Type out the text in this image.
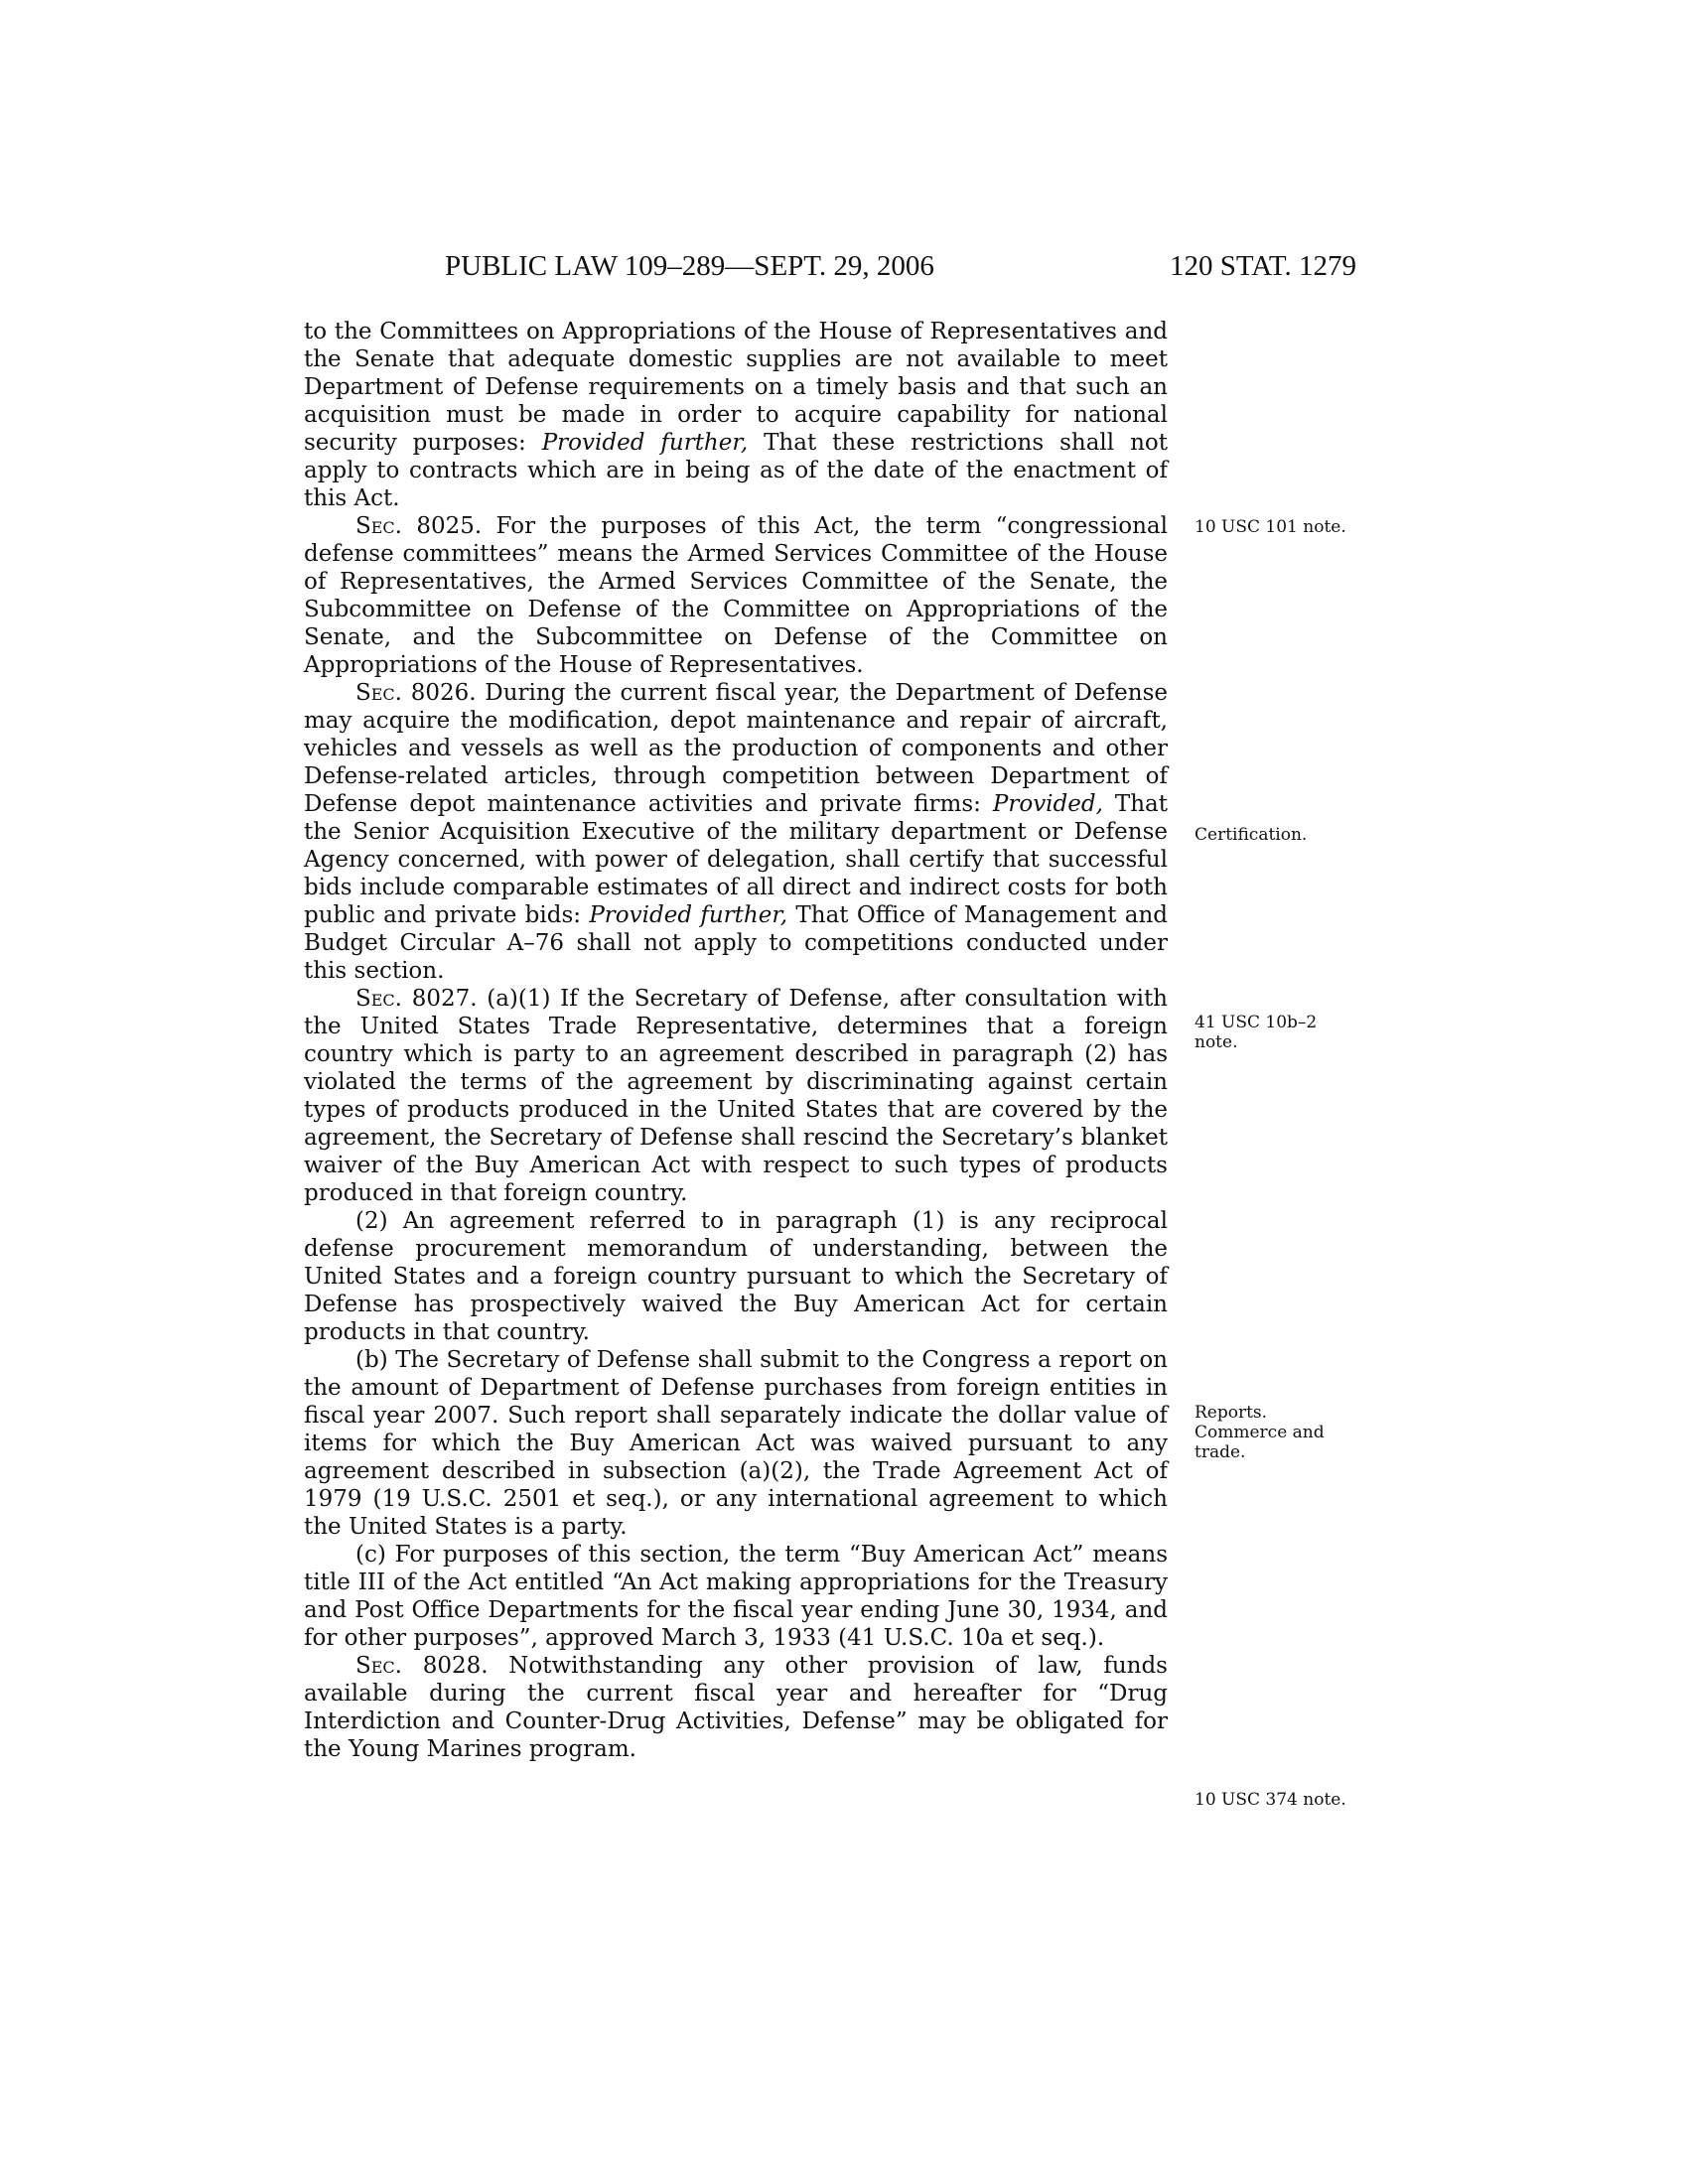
PUBLIC LAW 109–289—SEPT. 29, 2006	120 STAT. 1279

to the Committees on Appropriations of the House of Representatives and the Senate that adequate domestic supplies are not available to meet Department of Defense requirements on a timely basis and that such an acquisition must be made in order to acquire capability for national security purposes: Provided further, That these restrictions shall not apply to contracts which are in being as of the date of the enactment of this Act.

Sec. 8025. For the purposes of this Act, the term “congressional defense committees” means the Armed Services Committee of the House of Representatives, the Armed Services Committee of the Senate, the Subcommittee on Defense of the Committee on Appropriations of the Senate, and the Subcommittee on Defense of the Committee on Appropriations of the House of Representatives.

Sec. 8026. During the current fiscal year, the Department of Defense may acquire the modification, depot maintenance and repair of aircraft, vehicles and vessels as well as the production of components and other Defense-related articles, through competition between Department of Defense depot maintenance activities and private firms: Provided, That the Senior Acquisition Executive of the military department or Defense Agency concerned, with power of delegation, shall certify that successful bids include comparable estimates of all direct and indirect costs for both public and private bids: Provided further, That Office of Management and Budget Circular A–76 shall not apply to competitions conducted under this section.

Sec. 8027. (a)(1) If the Secretary of Defense, after consultation with the United States Trade Representative, determines that a foreign country which is party to an agreement described in paragraph (2) has violated the terms of the agreement by discriminating against certain types of products produced in the United States that are covered by the agreement, the Secretary of Defense shall rescind the Secretary’s blanket waiver of the Buy American Act with respect to such types of products produced in that foreign country.

(2) An agreement referred to in paragraph (1) is any reciprocal defense procurement memorandum of understanding, between the United States and a foreign country pursuant to which the Secretary of Defense has prospectively waived the Buy American Act for certain products in that country.

(b) The Secretary of Defense shall submit to the Congress a report on the amount of Department of Defense purchases from foreign entities in fiscal year 2007. Such report shall separately indicate the dollar value of items for which the Buy American Act was waived pursuant to any agreement described in subsection (a)(2), the Trade Agreement Act of 1979 (19 U.S.C. 2501 et seq.), or any international agreement to which the United States is a party.

(c) For purposes of this section, the term “Buy American Act” means title III of the Act entitled “An Act making appropriations for the Treasury and Post Office Departments for the fiscal year ending June 30, 1934, and for other purposes”, approved March 3, 1933 (41 U.S.C. 10a et seq.).

Sec. 8028. Notwithstanding any other provision of law, funds available during the current fiscal year and hereafter for “Drug Interdiction and Counter-Drug Activities, Defense” may be obligated for the Young Marines program.

10 USC 101 note.
Certification.
41 USC 10b–2
note.
Reports.
Commerce and
trade.
10 USC 374 note.
